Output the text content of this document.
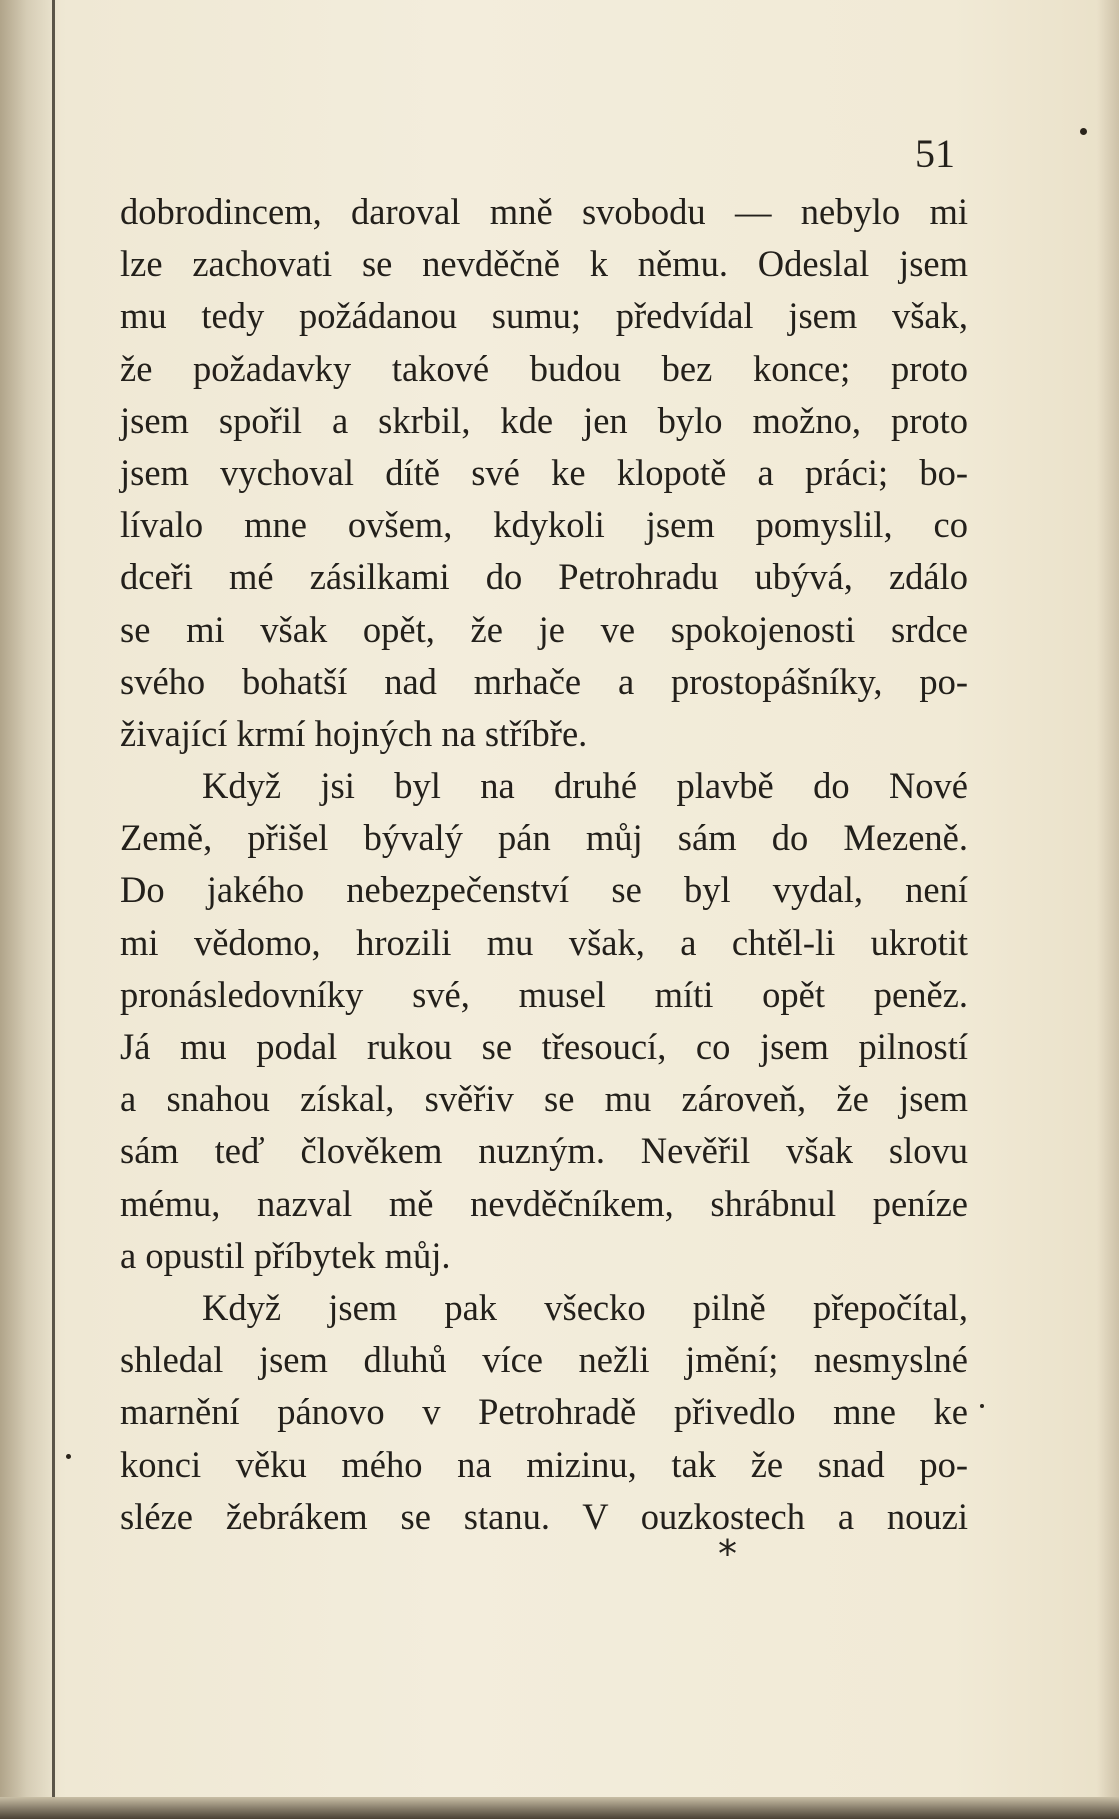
51
dobrodincem, daroval mně svobodu — nebylo mi
lze zachovati se nevděčně k němu. Odeslal jsem
mu tedy požádanou sumu; předvídal jsem však,
že požadavky takové budou bez konce; proto
jsem spořil a skrbil, kde jen bylo možno, proto
jsem vychoval dítě své ke klopotě a práci; bo-
lívalo mne ovšem, kdykoli jsem pomyslil, co
dceři mé zásilkami do Petrohradu ubývá, zdálo
se mi však opět, že je ve spokojenosti srdce
svého bohatší nad mrhače a prostopášníky, po-
živající krmí hojných na stříbře.
Když jsi byl na druhé plavbě do Nové
Země, přišel bývalý pán můj sám do Mezeně.
Do jakého nebezpečenství se byl vydal, není
mi vědomo, hrozili mu však, a chtěl-li ukrotit
pronásledovníky své, musel míti opět peněz.
Já mu podal rukou se třesoucí, co jsem pilností
a snahou získal, svěřiv se mu zároveň, že jsem
sám teď člověkem nuzným. Nevěřil však slovu
mému, nazval mě nevděčníkem, shrábnul peníze
a opustil příbytek můj.
Když jsem pak všecko pilně přepočítal,
shledal jsem dluhů více nežli jmění; nesmyslné
marnění pánovo v Petrohradě přivedlo mne ke
konci věku mého na mizinu, tak že snad po-
sléze žebrákem se stanu. V ouzkostech a nouzi
*
